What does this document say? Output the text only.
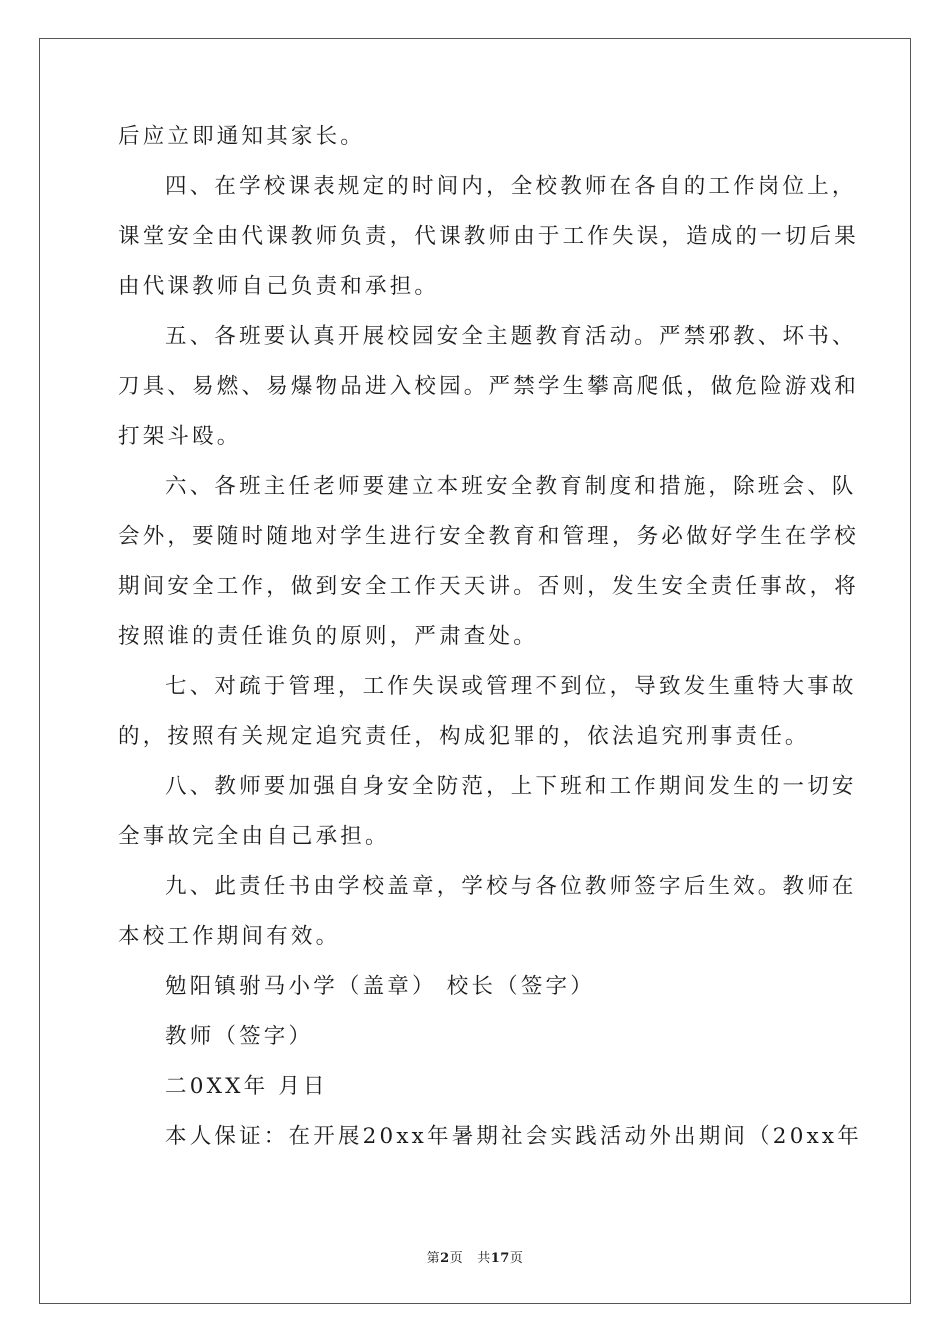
后应立即通知其家长。
四、在学校课表规定的时间内，全校教师在各自的工作岗位上，
课堂安全由代课教师负责，代课教师由于工作失误，造成的一切后果
由代课教师自己负责和承担。
五、各班要认真开展校园安全主题教育活动。严禁邪教、坏书、
刀具、易燃、易爆物品进入校园。严禁学生攀高爬低，做危险游戏和
打架斗殴。
六、各班主任老师要建立本班安全教育制度和措施，除班会、队
会外，要随时随地对学生进行安全教育和管理，务必做好学生在学校
期间安全工作，做到安全工作天天讲。否则，发生安全责任事故，将
按照谁的责任谁负的原则，严肃查处。
七、对疏于管理，工作失误或管理不到位，导致发生重特大事故
的，按照有关规定追究责任，构成犯罪的，依法追究刑事责任。
八、教师要加强自身安全防范，上下班和工作期间发生的一切安
全事故完全由自己承担。
九、此责任书由学校盖章，学校与各位教师签字后生效。教师在
本校工作期间有效。
勉阳镇驸马小学（盖章） 校长（签字）
教师（签字）
二0XX年 月日
本人保证：在开展20xx年暑期社会实践活动外出期间（20xx年
第2页 共17页
